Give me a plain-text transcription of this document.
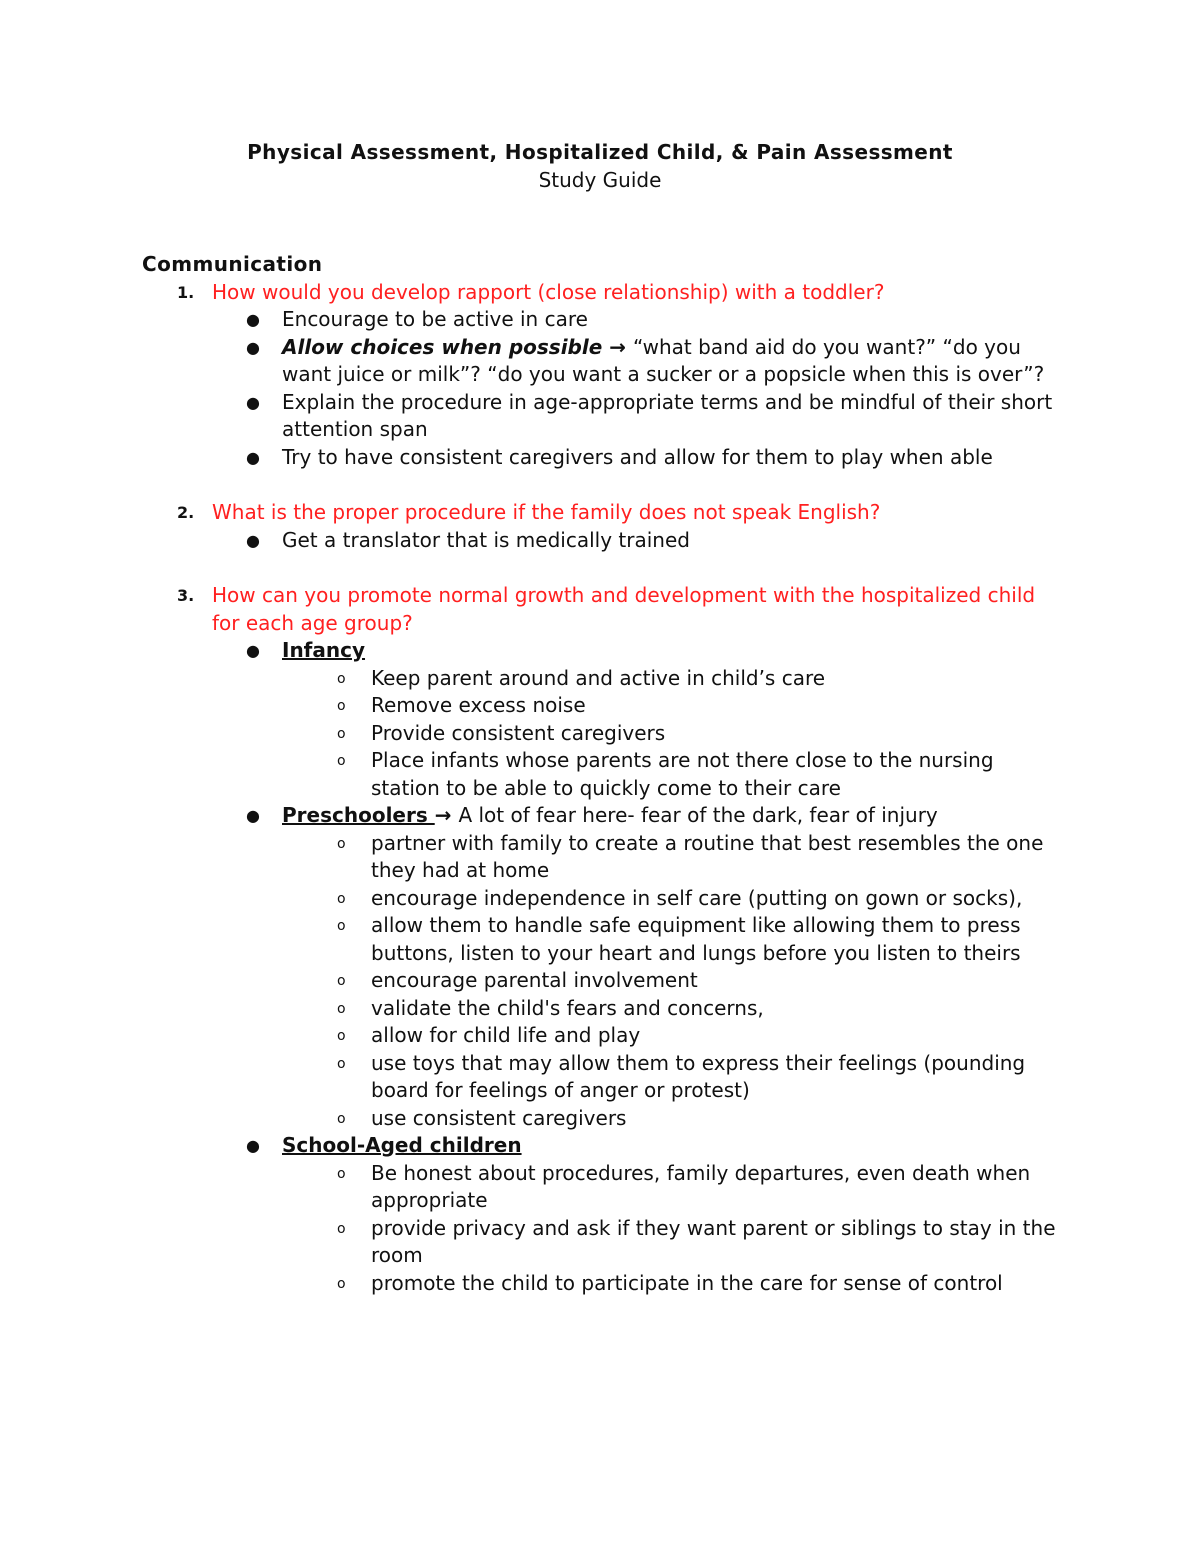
Physical Assessment, Hospitalized Child, & Pain Assessment
Study Guide

Communication

1. How would you develop rapport (close relationship) with a toddler?

● Encourage to be active in care
● Allow choices when possible → “what band aid do you want?” “do you want juice or milk”? “do you want a sucker or a popsicle when this is over”?
● Explain the procedure in age-appropriate terms and be mindful of their short attention span
● Try to have consistent caregivers and allow for them to play when able

2. What is the proper procedure if the family does not speak English?

● Get a translator that is medically trained

3. How can you promote normal growth and development with the hospitalized child for each age group?

● Infancy
o Keep parent around and active in child’s care
o Remove excess noise
o Provide consistent caregivers
o Place infants whose parents are not there close to the nursing station to be able to quickly come to their care
● Preschoolers → A lot of fear here- fear of the dark, fear of injury
o partner with family to create a routine that best resembles the one they had at home
o encourage independence in self care (putting on gown or socks),
o allow them to handle safe equipment like allowing them to press buttons, listen to your heart and lungs before you listen to theirs
o encourage parental involvement
o validate the child's fears and concerns,
o allow for child life and play
o use toys that may allow them to express their feelings (pounding board for feelings of anger or protest)
o use consistent caregivers
● School-Aged children
o Be honest about procedures, family departures, even death when appropriate
o provide privacy and ask if they want parent or siblings to stay in the room
o promote the child to participate in the care for sense of control
